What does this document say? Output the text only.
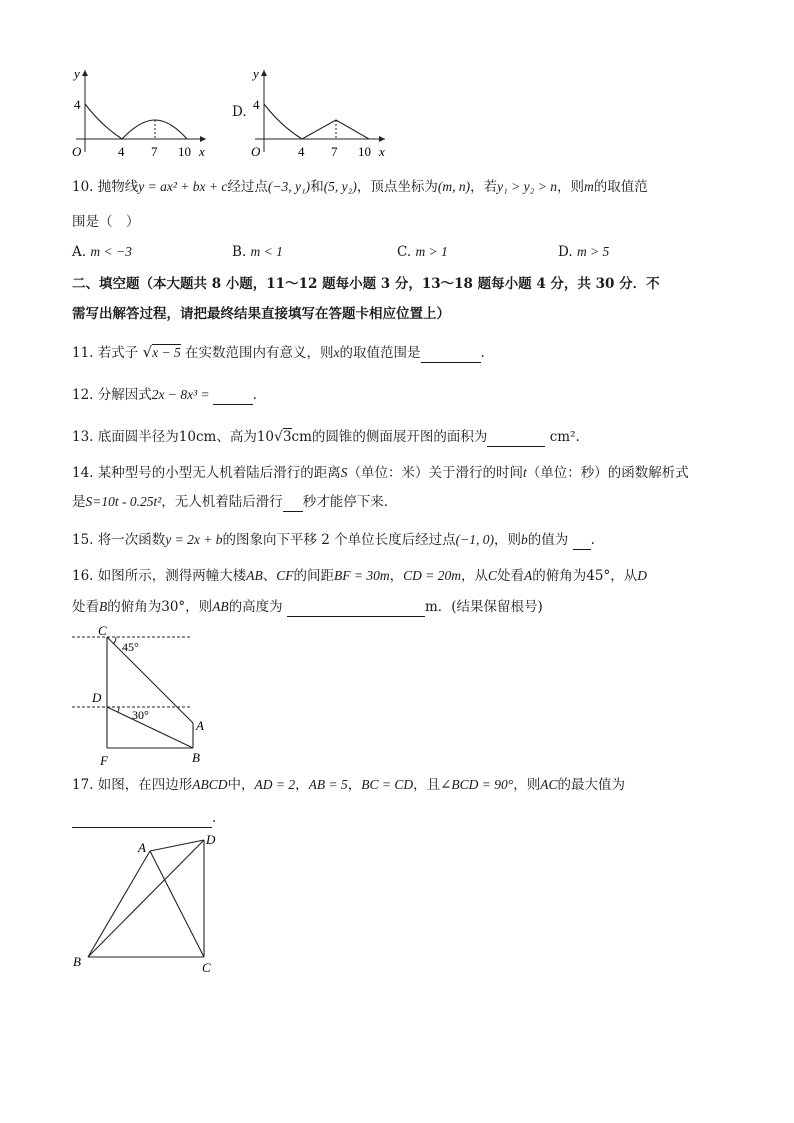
y
4
O	4 7 10 x
D.
y
4
O	4 7 10 x
10. 抛物线y = ax² + bx + c经过点(−3, y₁)和(5, y₂)，顶点坐标为(m, n)，若y₁ > y₂ > n，则m的取值范
围是（　）
A. m < −3	B. m < 1	C. m > 1	D. m > 5
二、填空题（本大题共 8 小题，11～12 题每小题 3 分，13～18 题每小题 4 分，共 30 分．不
需写出解答过程，请把最终结果直接填写在答题卡相应位置上）
11. 若式子 √x − 5 在实数范围内有意义，则x的取值范围是	.
12. 分解因式2x − 8x³ =	.
13. 底面圆半径为10cm、高为10√3cm的圆锥的侧面展开图的面积为	cm².
14. 某种型号的小型无人机着陆后滑行的距离S（单位：米）关于滑行的时间t（单位：秒）的函数解析式
是S=10t - 0.25t²，无人机着陆后滑行 秒才能停下来．
15. 将一次函数y = 2x + b的图象向下平移 2 个单位长度后经过点(−1, 0)，则b的值为 .
16. 如图所示，测得两幢大楼AB、CF的间距BF = 30m，CD = 20m，从C处看A的俯角为45°，从D
处看B的俯角为30°，则AB的高度为	m．(结果保留根号)
C
D
A
B
F
45°
30°
17. 如图，在四边形ABCD中，AD = 2，AB = 5，BC = CD，且∠BCD = 90°，则AC的最大值为
.
A
B	C
D
